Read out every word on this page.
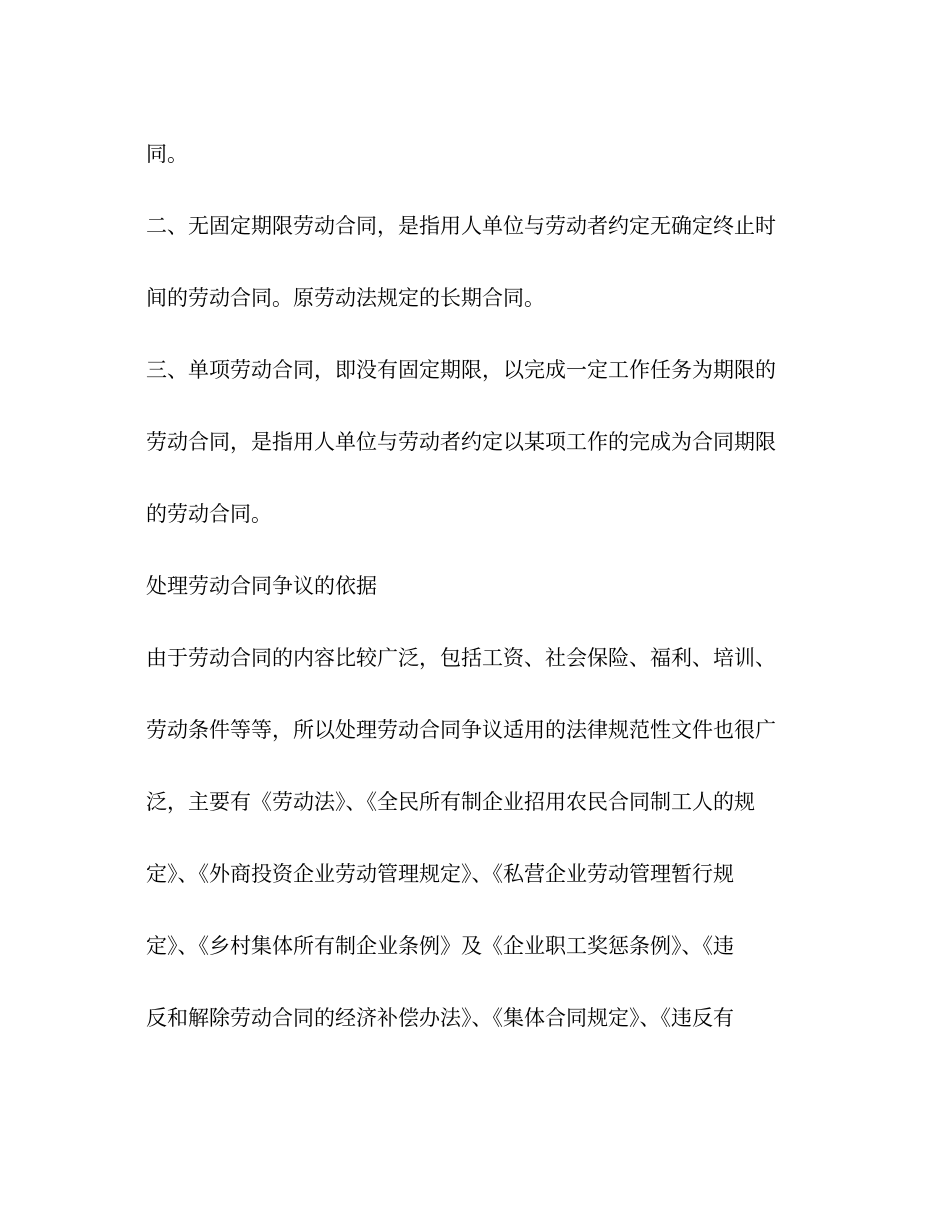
同。
二、无固定期限劳动合同，是指用人单位与劳动者约定无确定终止时
间的劳动合同。原劳动法规定的长期合同。
三、单项劳动合同，即没有固定期限，以完成一定工作任务为期限的
劳动合同，是指用人单位与劳动者约定以某项工作的完成为合同期限
的劳动合同。
处理劳动合同争议的依据
由于劳动合同的内容比较广泛，包括工资、社会保险、福利、培训、
劳动条件等等，所以处理劳动合同争议适用的法律规范性文件也很广
泛，主要有《劳动法》、《全民所有制企业招用农民合同制工人的规
定》、《外商投资企业劳动管理规定》、《私营企业劳动管理暂行规
定》、《乡村集体所有制企业条例》及《企业职工奖惩条例》、《违
反和解除劳动合同的经济补偿办法》、《集体合同规定》、《违反有
